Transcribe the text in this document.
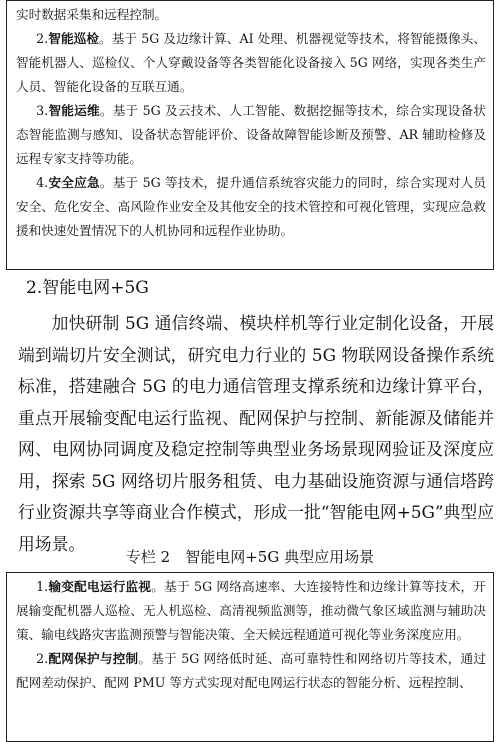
实时数据采集和远程控制。

2.智能巡检。基于 5G 及边缘计算、AI 处理、机器视觉等技术，将智能摄像头、智能机器人、巡检仪、个人穿戴设备等各类智能化设备接入 5G 网络，实现各类生产人员、智能化设备的互联互通。

3.智能运维。基于 5G 及云技术、人工智能、数据挖掘等技术，综合实现设备状态智能监测与感知、设备状态智能评价、设备故障智能诊断及预警、AR 辅助检修及远程专家支持等功能。

4.安全应急。基于 5G 等技术，提升通信系统容灾能力的同时，综合实现对人员安全、危化安全、高风险作业安全及其他安全的技术管控和可视化管理，实现应急救援和快速处置情况下的人机协同和远程作业协助。

2.智能电网+5G

加快研制 5G 通信终端、模块样机等行业定制化设备，开展端到端切片安全测试，研究电力行业的 5G 物联网设备操作系统标准，搭建融合 5G 的电力通信管理支撑系统和边缘计算平台，重点开展输变配电运行监视、配网保护与控制、新能源及储能并网、电网协同调度及稳定控制等典型业务场景现网验证及深度应用，探索 5G 网络切片服务租赁、电力基础设施资源与通信塔跨行业资源共享等商业合作模式，形成一批“智能电网+5G”典型应用场景。

专栏 2　智能电网+5G 典型应用场景

1.输变配电运行监视。基于 5G 网络高速率、大连接特性和边缘计算等技术，开展输变配机器人巡检、无人机巡检、高清视频监测等，推动微气象区域监测与辅助决策、输电线路灾害监测预警与智能决策、全天候远程通道可视化等业务深度应用。

2.配网保护与控制。基于 5G 网络低时延、高可靠特性和网络切片等技术，通过配网差动保护、配网 PMU 等方式实现对配电网运行状态的智能分析、远程控制、
